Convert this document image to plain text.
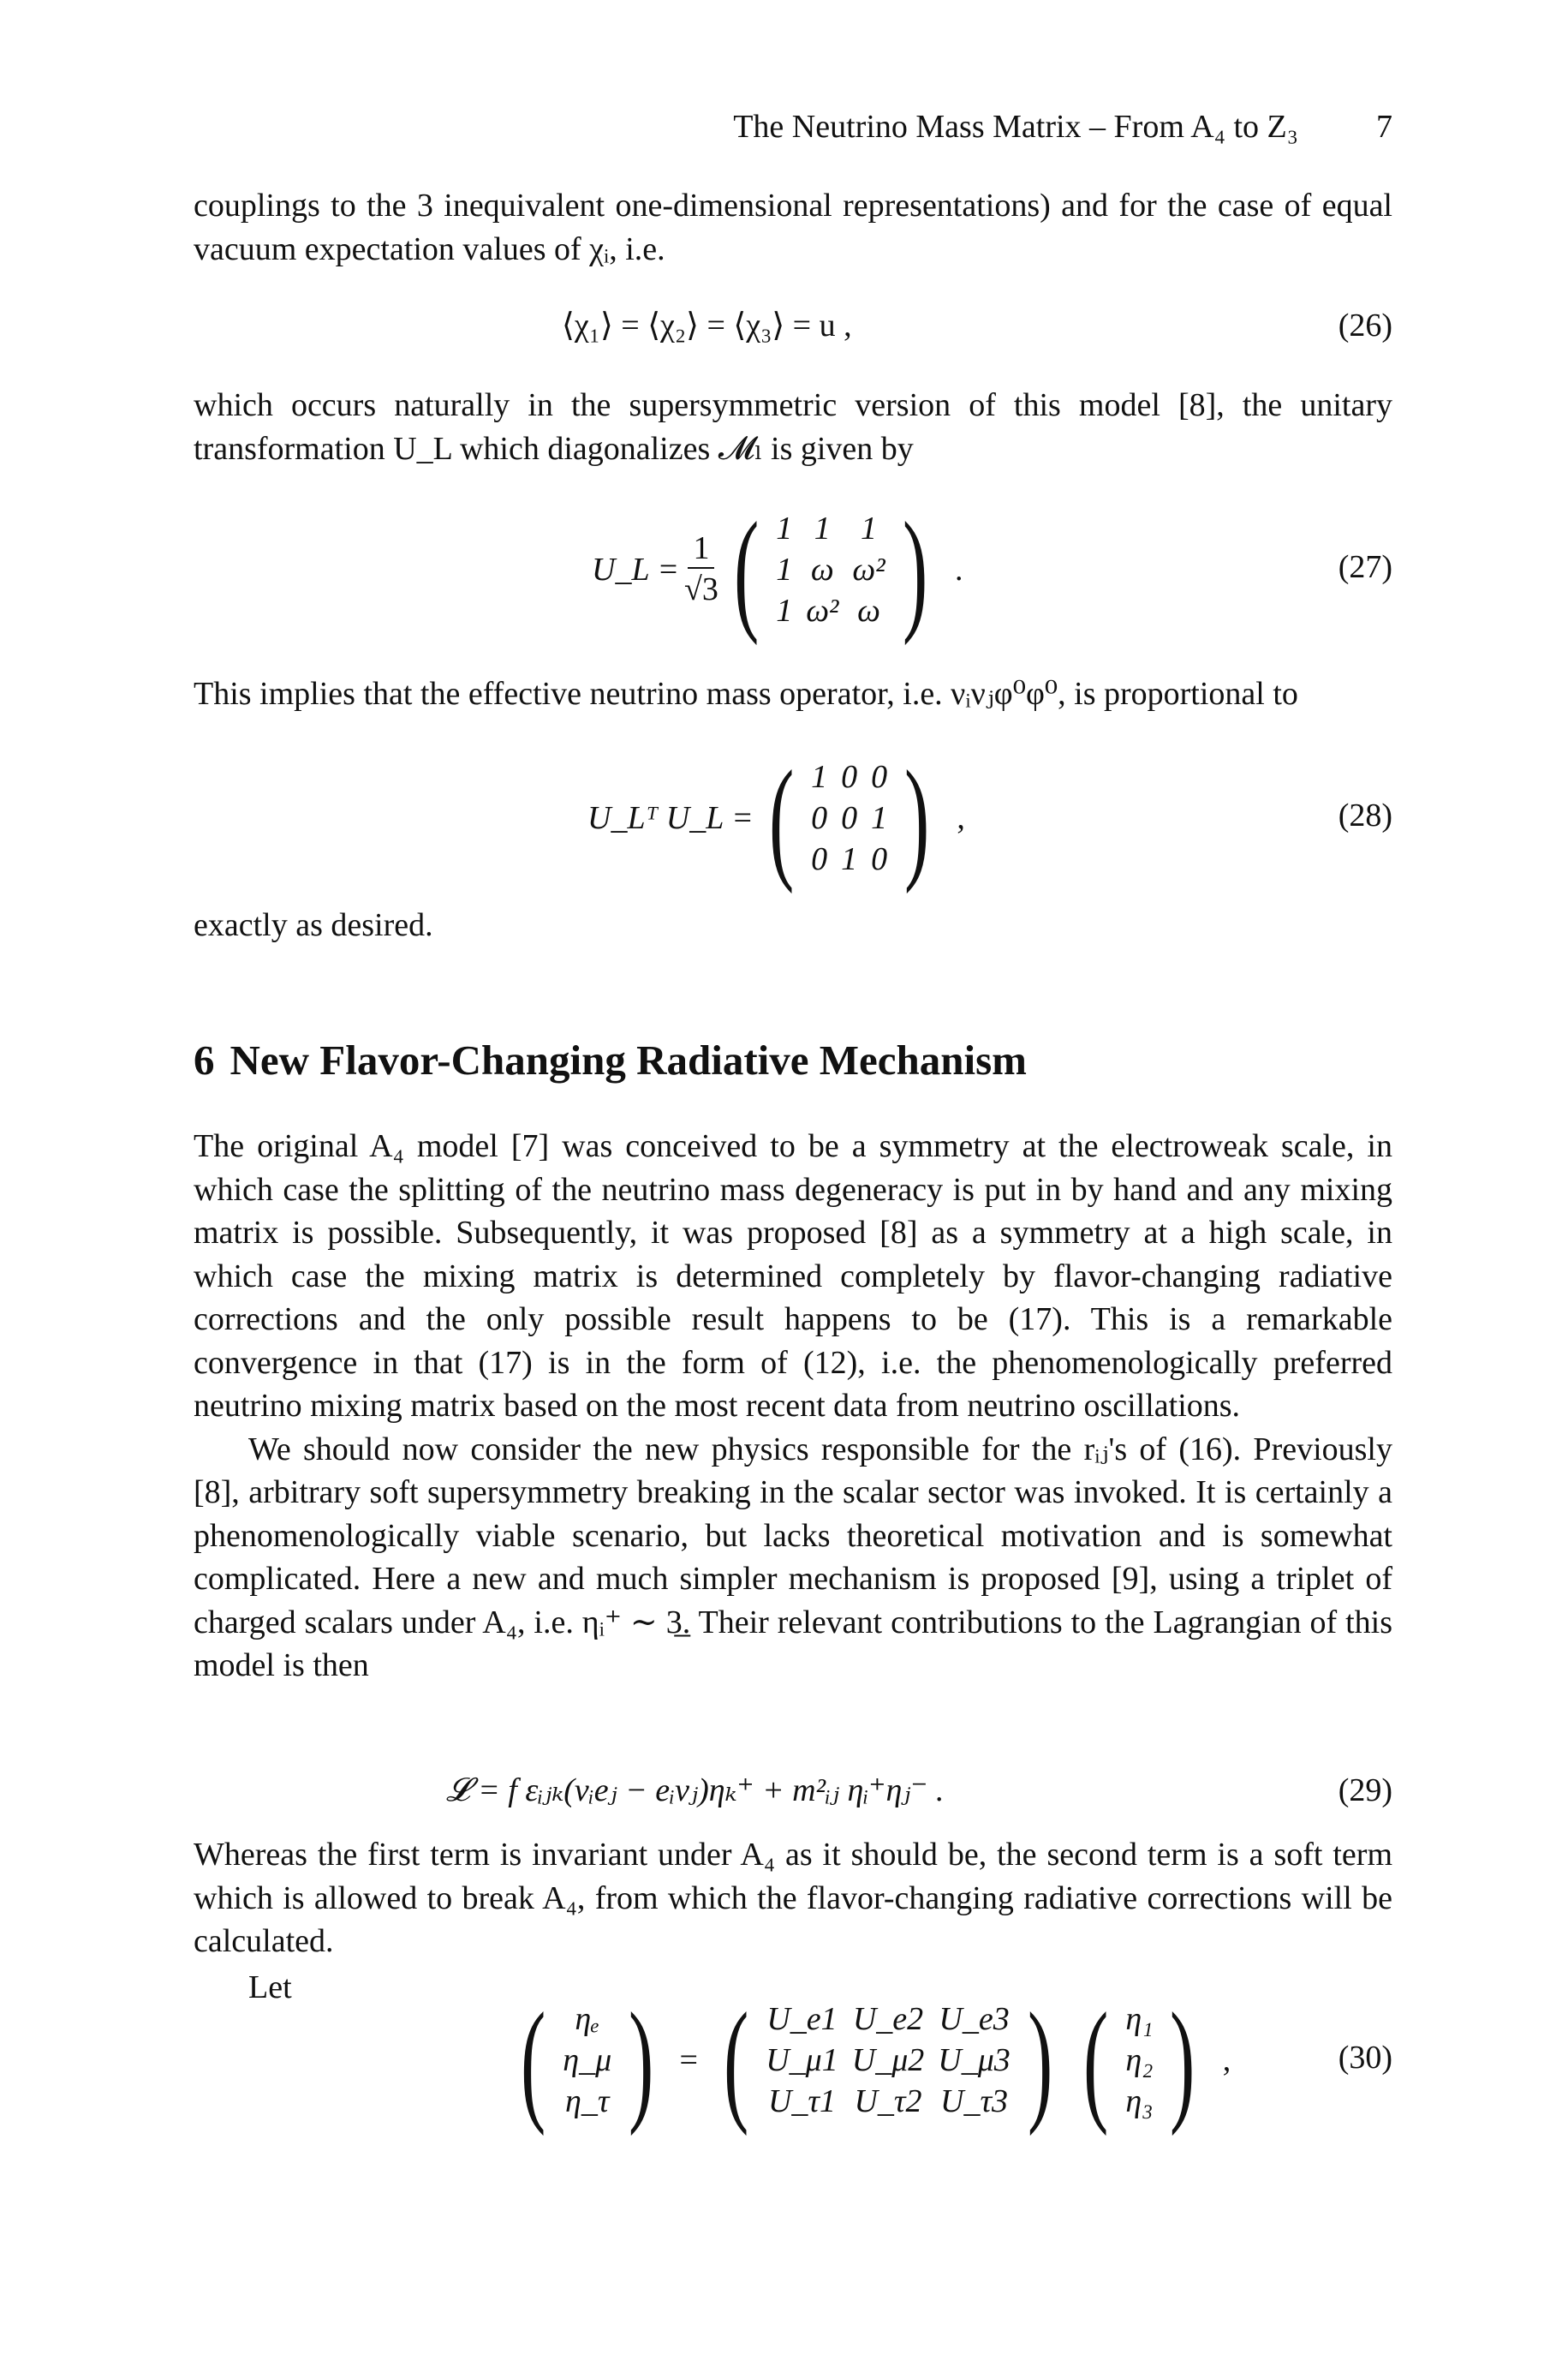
The Neutrino Mass Matrix – From A₄ to Z₃ 7

couplings to the 3 inequivalent one-dimensional representations) and for the case of equal vacuum expectation values of χᵢ, i.e.

⟨χ₁⟩ = ⟨χ₂⟩ = ⟨χ₃⟩ = u ,	(26)

which occurs naturally in the supersymmetric version of this model [8], the unitary transformation U_L which diagonalizes 𝓜ₗ is given by

U_L = $\frac{1}{√3}$ ( 1	1	1
1	ω	ω²
1	ω²	ω ) .	(27)

This implies that the effective neutrino mass operator, i.e. νᵢνⱼφ⁰φ⁰, is proportional to

U_Lᵀ U_L = ( 1	0	0
0	0	1
0	1	0 ) ,	(28)

exactly as desired.

6 New Flavor-Changing Radiative Mechanism

The original A₄ model [7] was conceived to be a symmetry at the electroweak scale, in which case the splitting of the neutrino mass degeneracy is put in by hand and any mixing matrix is possible. Subsequently, it was proposed [8] as a symmetry at a high scale, in which case the mixing matrix is determined completely by flavor-changing radiative corrections and the only possible result happens to be (17). This is a remarkable convergence in that (17) is in the form of (12), i.e. the phenomenologically preferred neutrino mixing matrix based on the most recent data from neutrino oscillations.

We should now consider the new physics responsible for the rᵢⱼ's of (16). Previously [8], arbitrary soft supersymmetry breaking in the scalar sector was invoked. It is certainly a phenomenologically viable scenario, but lacks theoretical motivation and is somewhat complicated. Here a new and much simpler mechanism is proposed [9], using a triplet of charged scalars under A₄, i.e. ηᵢ⁺ ∼ 3̲. Their relevant contributions to the Lagrangian of this model is then

𝓛 = f εᵢⱼₖ(νᵢeⱼ − eᵢνⱼ)ηₖ⁺ + m²ᵢⱼ ηᵢ⁺ηⱼ⁻ .	(29)

Whereas the first term is invariant under A₄ as it should be, the second term is a soft term which is allowed to break A₄, from which the flavor-changing radiative corrections will be calculated.

Let	( ηₑ
η_μ
η_τ ) = ( U_e1	U_e2	U_e3
U_μ1	U_μ2	U_μ3
U_τ1	U_τ2	U_τ3 ) ( η₁
η₂
η₃ ) ,	(30)
